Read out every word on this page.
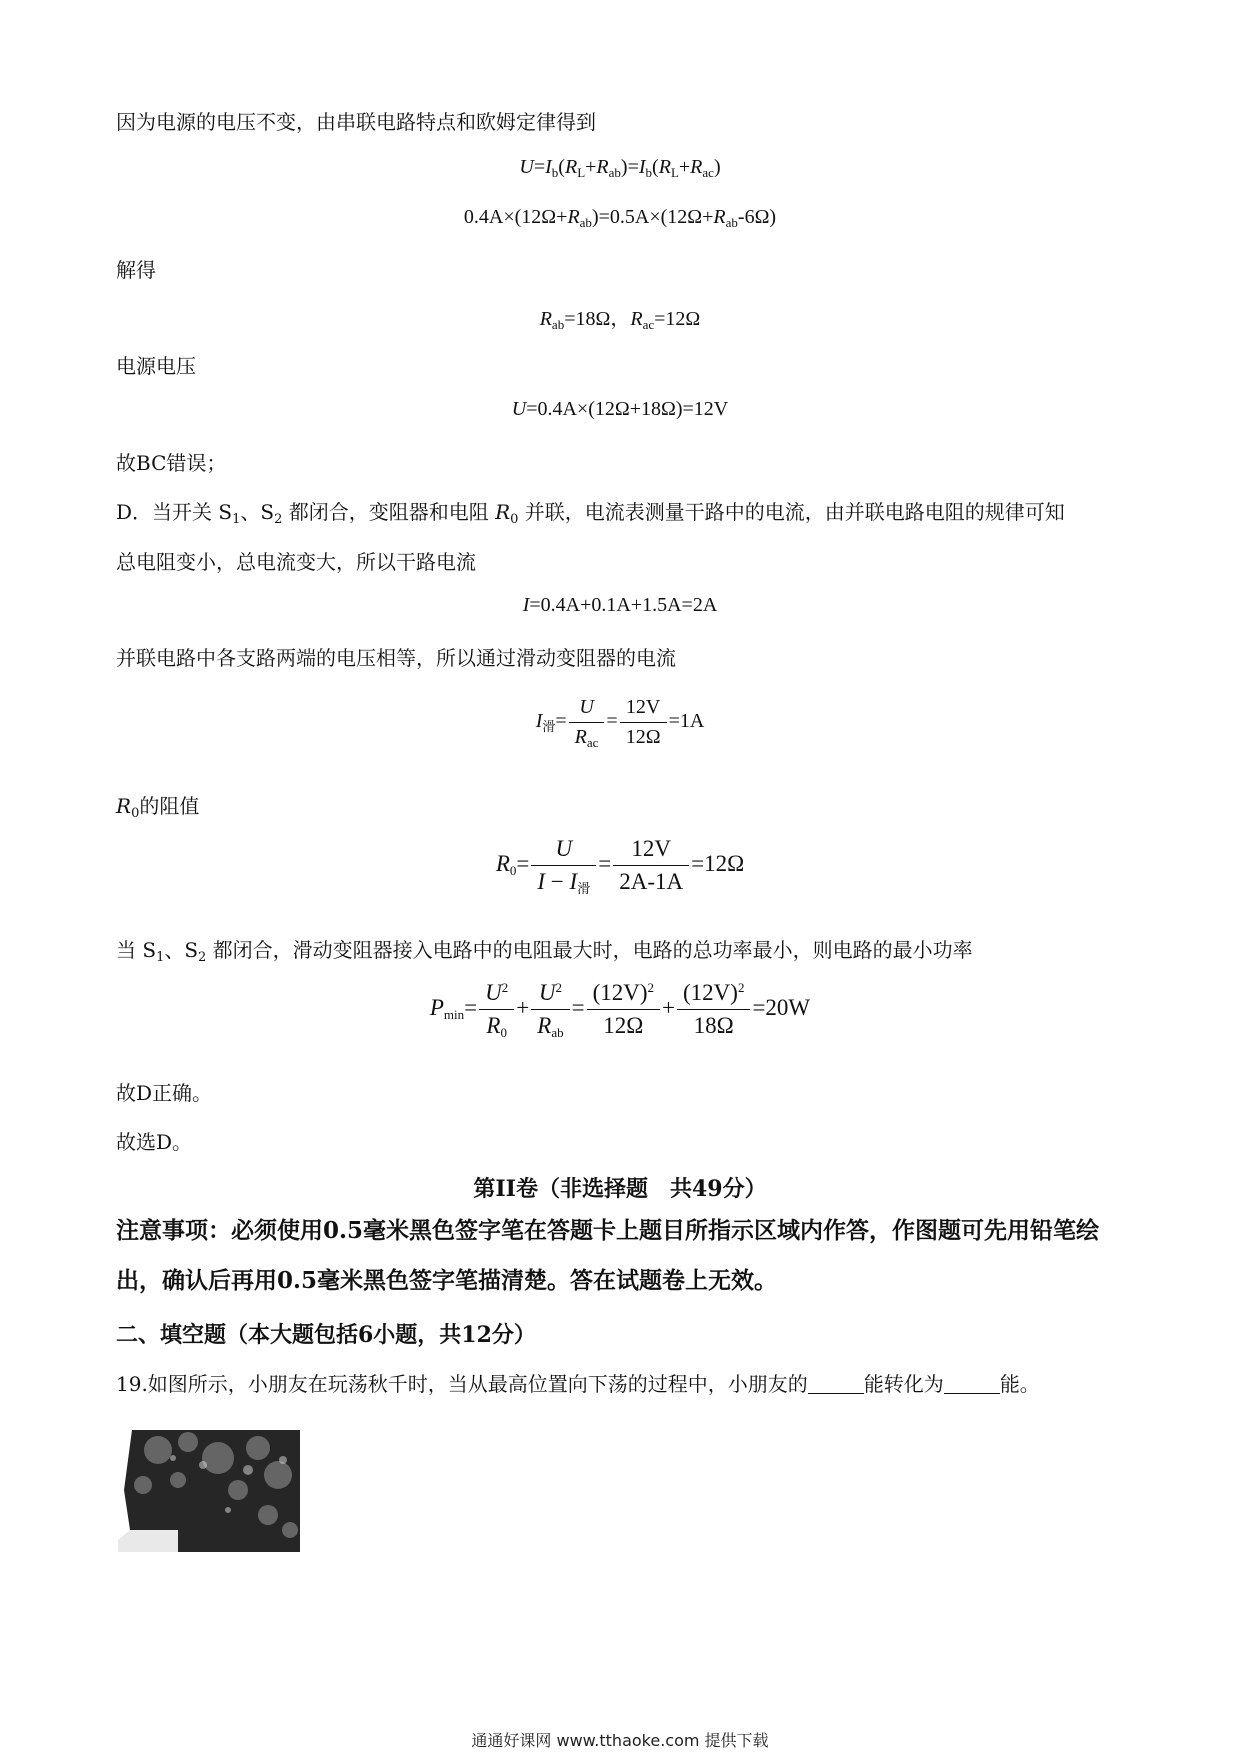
因为电源的电压不变，由串联电路特点和欧姆定律得到
$U=I_b(R_L+R_{ab})=I_b(R_L+R_{ac})$
$0.4A\times(12\Omega+R_{ab})=0.5A\times(12\Omega+R_{ab}-6\Omega)$
解得
$R_{ab}=18\Omega$，$R_{ac}=12\Omega$
电源电压
U=0.4A×(12Ω+18Ω)=12V
故BC错误；
D．当开关 $S_1$、$S_2$ 都闭合，变阻器和电阻 $R_0$ 并联，电流表测量干路中的电流，由并联电路电阻的规律可知
总电阻变小，总电流变大，所以干路电流
I=0.4A+0.1A+1.5A=2A
并联电路中各支路两端的电压相等，所以通过滑动变阻器的电流
$I_滑= \frac{U}{R_{ac}} = \frac{12V}{12\Omega} =1A$
$R_0$的阻值
$R_0= \frac{U}{I - I_滑} = \frac{12V}{2A-1A} =12\Omega$
当 $S_1$、$S_2$ 都闭合，滑动变阻器接入电路中的电阻最大时，电路的总功率最小，则电路的最小功率
$P_{min}= \frac{U^2}{R_0} + \frac{U^2}{R_{ab}} = \frac{(12V)^2}{12\Omega} + \frac{(12V)^2}{18\Omega} =20W$
故D正确。
故选D。
第II卷（非选择题　共49分）
注意事项：必须使用0.5毫米黑色签字笔在答题卡上题目所指示区域内作答，作图题可先用铅笔绘出，确认后再用0.5毫米黑色签字笔描清楚。答在试题卷上无效。
二、填空题（本大题包括6小题，共12分）
19.如图所示，小朋友在玩荡秋千时，当从最高位置向下荡的过程中，小朋友的	能转化为	能。
通通好课网 www.tthaoke.com 提供下载
